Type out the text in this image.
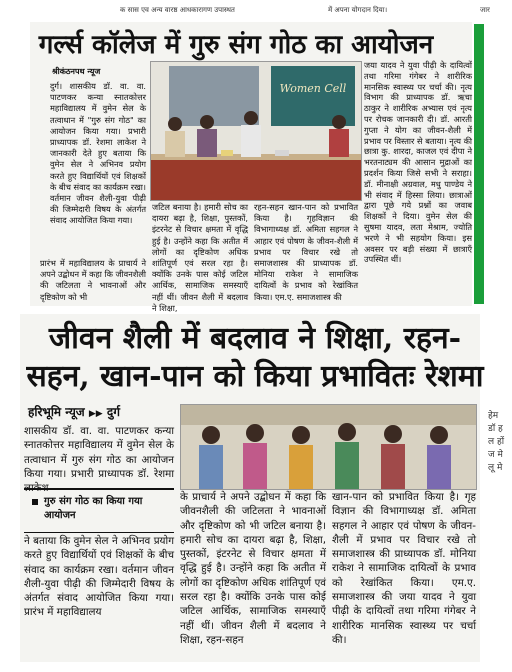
क सास एव अन्य वारष्ठ आधकारागण उपास्थत	में अपना योगदान दिया।	जार
गर्ल्स कॉलेज में गुरु संग गोठ का आयोजन
श्रीकंठनपथ न्यूज
दुर्ग। शासकीय डॉ. वा. वा. पाटणकर कन्या स्नातकोत्तर महाविद्यालय में वुमेन सेल के तत्वाधान में "गुरु संग गोठ" का आयोजन किया गया। प्रभारी प्राध्यापक डॉ. रेशमा लाकेश ने जानकारी देते हुए बताया कि वुमेन सेल ने अभिनव प्रयोग करते हुए विद्यार्थियों एवं शिक्षकों के बीच संवाद का कार्यक्रम रखा। वर्तमान जीवन शैली-युवा पीढ़ी की जिम्मेदारी विषय के अंतर्गत संवाद आयोजित किया गया।
प्रारंभ में महाविद्यालय के प्राचार्य ने अपने उद्बोधन में कहा कि जीवनशैली की जटिलता ने भावनाओं और दृष्टिकोण को भी
Women Cell
जटिल बनाया है। हमारी सोच का दायरा बढ़ा है, शिक्षा, पुस्तकों, इंटरनेट से विचार क्षमता में वृद्धि हुई है। उन्होंने कहा कि अतीत में लोगों का दृष्टिकोण अधिक शांतिपूर्ण एवं सरल रहा है। क्योंकि उनके पास कोई जटिल आर्थिक, सामाजिक समस्याएँ नहीं थीं। जीवन शैली में बदलाव ने शिक्षा,
रहन-सहन खान-पान को प्रभावित किया है। गृहविज्ञान की विभागाध्यक्ष डॉ. अमिता सहगल ने आहार एवं पोषण के जीवन-शैली में प्रभाव पर विचार रखे तो समाजशास्त्र की प्राध्यापक डॉ. मोनिया राकेश ने सामाजिक दायित्वों के प्रभाव को रेखांकित किया। एम.ए. समाजशास्त्र की
जया यादव ने युवा पीढ़ी के दायित्वों तथा गरिमा गंगेबर ने शारीरिक मानसिक स्वास्थ्य पर चर्चा की। नृत्य विभाग की प्राध्यापक डॉ. ऋचा ठाकुर ने शारीरिक अभ्यास एवं नृत्य पर रोचक जानकारी दी। डॉ. आरती गुप्ता ने योग का जीवन-शैली में प्रभाव पर विस्तार से बताया। नृत्य की छात्रा कु. शारदा, काजल एवं दीपा ने भरतनाट्यम की आसान मुद्राओं का प्रदर्शन किया जिसे सभी ने सराहा। डॉ. मीनाक्षी अग्रवाल, मधु पाण्डेय ने भी संवाद में हिस्सा लिया। छात्राओं द्वारा पूछे गये प्रश्नों का जवाब शिक्षकों ने दिया। वुमेन सेल की सुषमा यादव, लता मेश्राम, ज्योति भरणे ने भी सहयोग किया। इस अवसर पर बड़ी संख्या में छात्राएँ उपस्थित थीं।
जीवन शैली में बदलाव ने शिक्षा, रहन-सहन, खान-पान को किया प्रभावितः रेशमा
हरिभूमि न्यूज ▶▶ दुर्ग
शासकीय डॉ. वा. वा. पाटणकर कन्या स्नातकोत्तर महाविद्यालय में वुमेन सेल के तत्वाधान में गुरु संग गोठ का आयोजन किया गया। प्रभारी प्राध्यापक डॉ. रेशमा लाकेश
गुरु संग गोठ का किया गया आयोजन
ने बताया कि वुमेन सेल ने अभिनव प्रयोग करते हुए विद्यार्थियों एवं शिक्षकों के बीच संवाद का कार्यक्रम रखा। वर्तमान जीवन शैली-युवा पीढ़ी की जिम्मेदारी विषय के अंतर्गत संवाद आयोजित किया गया। प्रारंभ में महाविद्यालय
के प्राचार्य ने अपने उद्बोधन में कहा कि जीवनशैली की जटिलता ने भावनाओं और दृष्टिकोण को भी जटिल बनाया है। हमारी सोच का दायरा बढ़ा है, शिक्षा, पुस्तकों, इंटरनेट से विचार क्षमता में वृद्धि हुई है। उन्होंने कहा कि अतीत में लोगों का दृष्टिकोण अधिक शांतिपूर्ण एवं सरल रहा है। क्योंकि उनके पास कोई जटिल आर्थिक, सामाजिक समस्याएँ नहीं थीं। जीवन शैली में बदलाव ने शिक्षा, रहन-सहन
खान-पान को प्रभावित किया है। गृह विज्ञान की विभागाध्यक्ष डॉ. अमिता सहगल ने आहार एवं पोषण के जीवन-शैली में प्रभाव पर विचार रखे तो समाजशास्त्र की प्राध्यापक डॉ. मोनिया राकेश ने सामाजिक दायित्वों के प्रभाव को रेखांकित किया। एम.ए. समाजशास्त्र की जया यादव ने युवा पीढ़ी के दायित्वों तथा गरिमा गंगेबर ने शारीरिक मानसिक स्वास्थ्य पर चर्चा की।
हेम डॉ ह ल हों ज मे लू मे
